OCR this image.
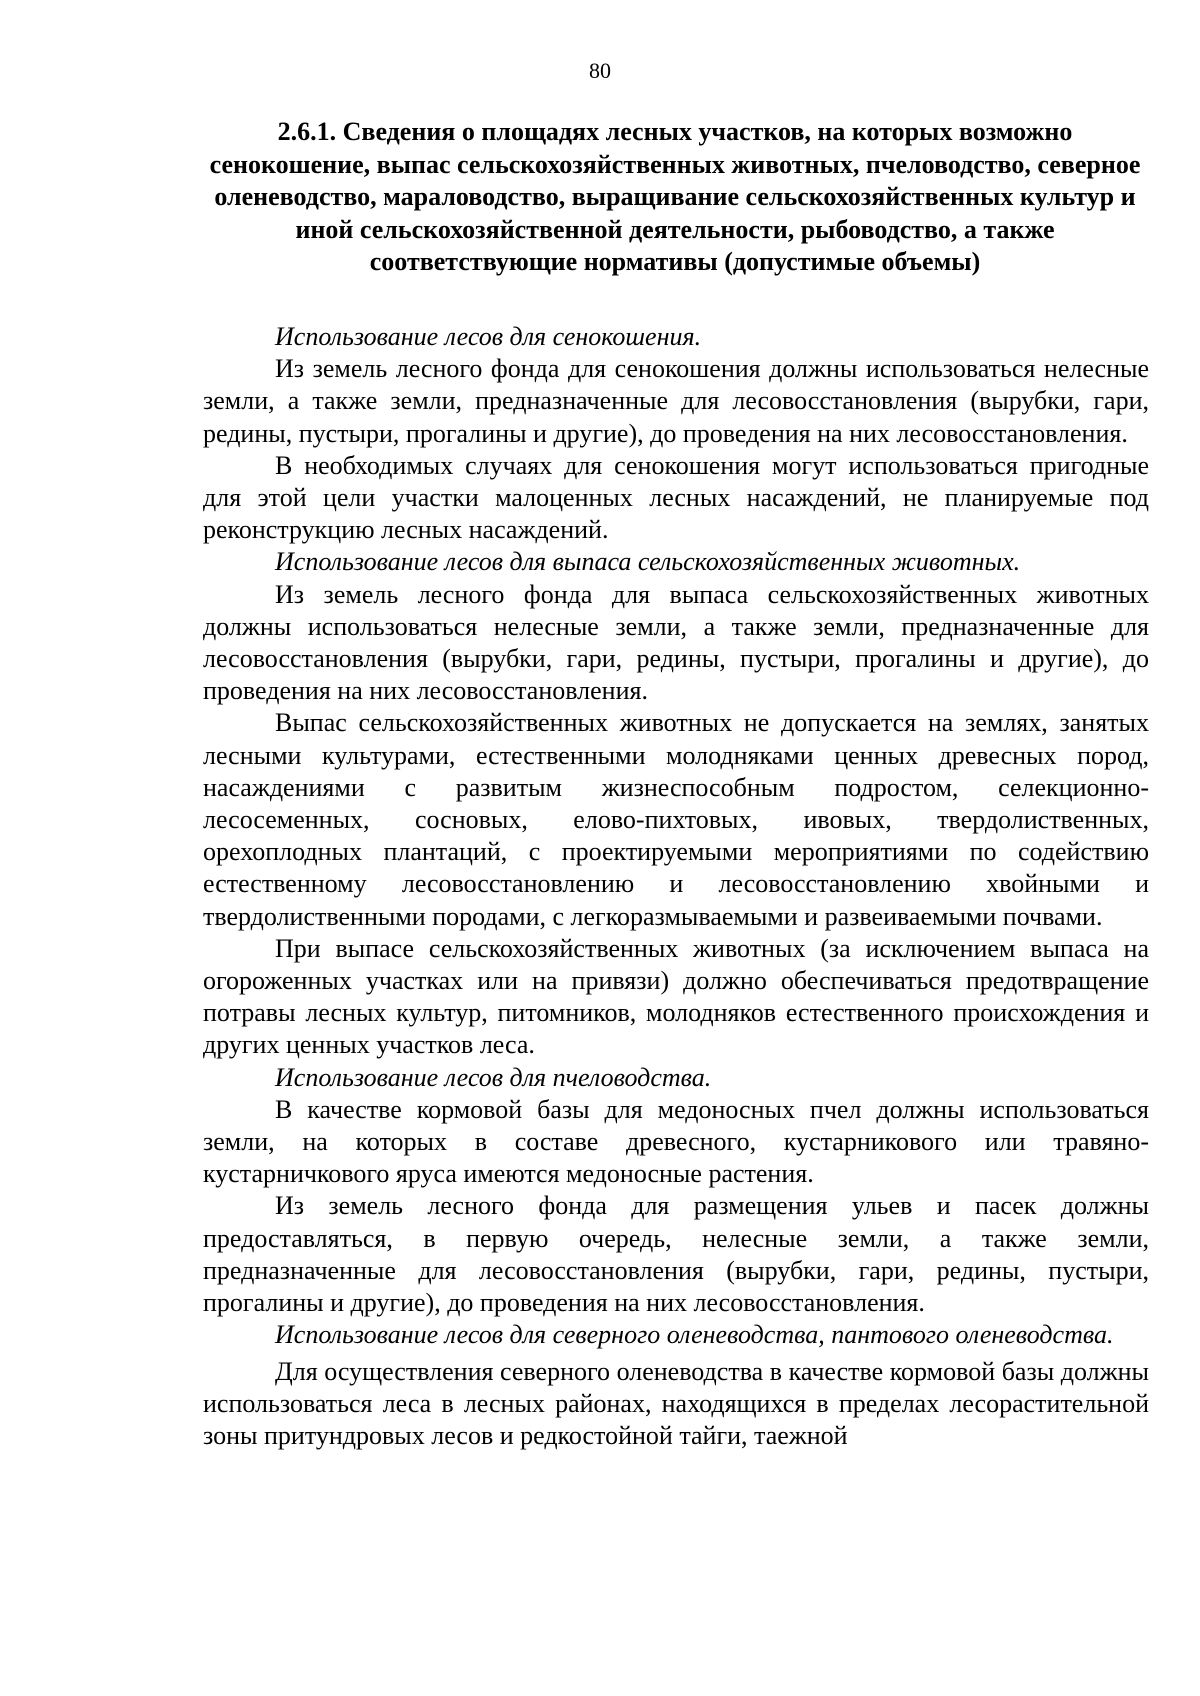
80
2.6.1. Сведения о площадях лесных участков, на которых возможно сенокошение, выпас сельскохозяйственных животных, пчеловодство, северное оленеводство, мараловодство, выращивание сельскохозяйственных культур и иной сельскохозяйственной деятельности, рыбоводство, а также соответствующие нормативы (допустимые объемы)

Использование лесов для сенокошения.

Из земель лесного фонда для сенокошения должны использоваться нелесные земли, а также земли, предназначенные для лесовосстановления (вырубки, гари, редины, пустыри, прогалины и другие), до проведения на них лесовосстановления.

В необходимых случаях для сенокошения могут использоваться пригодные для этой цели участки малоценных лесных насаждений, не планируемые под реконструкцию лесных насаждений.

Использование лесов для выпаса сельскохозяйственных животных.

Из земель лесного фонда для выпаса сельскохозяйственных животных должны использоваться нелесные земли, а также земли, предназначенные для лесовосстановления (вырубки, гари, редины, пустыри, прогалины и другие), до проведения на них лесовосстановления.

Выпас сельскохозяйственных животных не допускается на землях, занятых лесными культурами, естественными молодняками ценных древесных пород, насаждениями с развитым жизнеспособным подростом, селекционно-лесосеменных, сосновых, елово-пихтовых, ивовых, твердолиственных, орехоплодных плантаций, с проектируемыми мероприятиями по содействию естественному лесовосстановлению и лесовосстановлению хвойными и твердолиственными породами, с легкоразмываемыми и развеиваемыми почвами.

При выпасе сельскохозяйственных животных (за исключением выпаса на огороженных участках или на привязи) должно обеспечиваться предотвращение потравы лесных культур, питомников, молодняков естественного происхождения и других ценных участков леса.

Использование лесов для пчеловодства.

В качестве кормовой базы для медоносных пчел должны использоваться земли, на которых в составе древесного, кустарникового или травяно-кустарничкового яруса имеются медоносные растения.

Из земель лесного фонда для размещения ульев и пасек должны предоставляться, в первую очередь, нелесные земли, а также земли, предназначенные для лесовосстановления (вырубки, гари, редины, пустыри, прогалины и другие), до проведения на них лесовосстановления.

Использование лесов для северного оленеводства, пантового оленеводства.

Для осуществления северного оленеводства в качестве кормовой базы должны использоваться леса в лесных районах, находящихся в пределах лесорастительной зоны притундровых лесов и редкостойной тайги, таежной
